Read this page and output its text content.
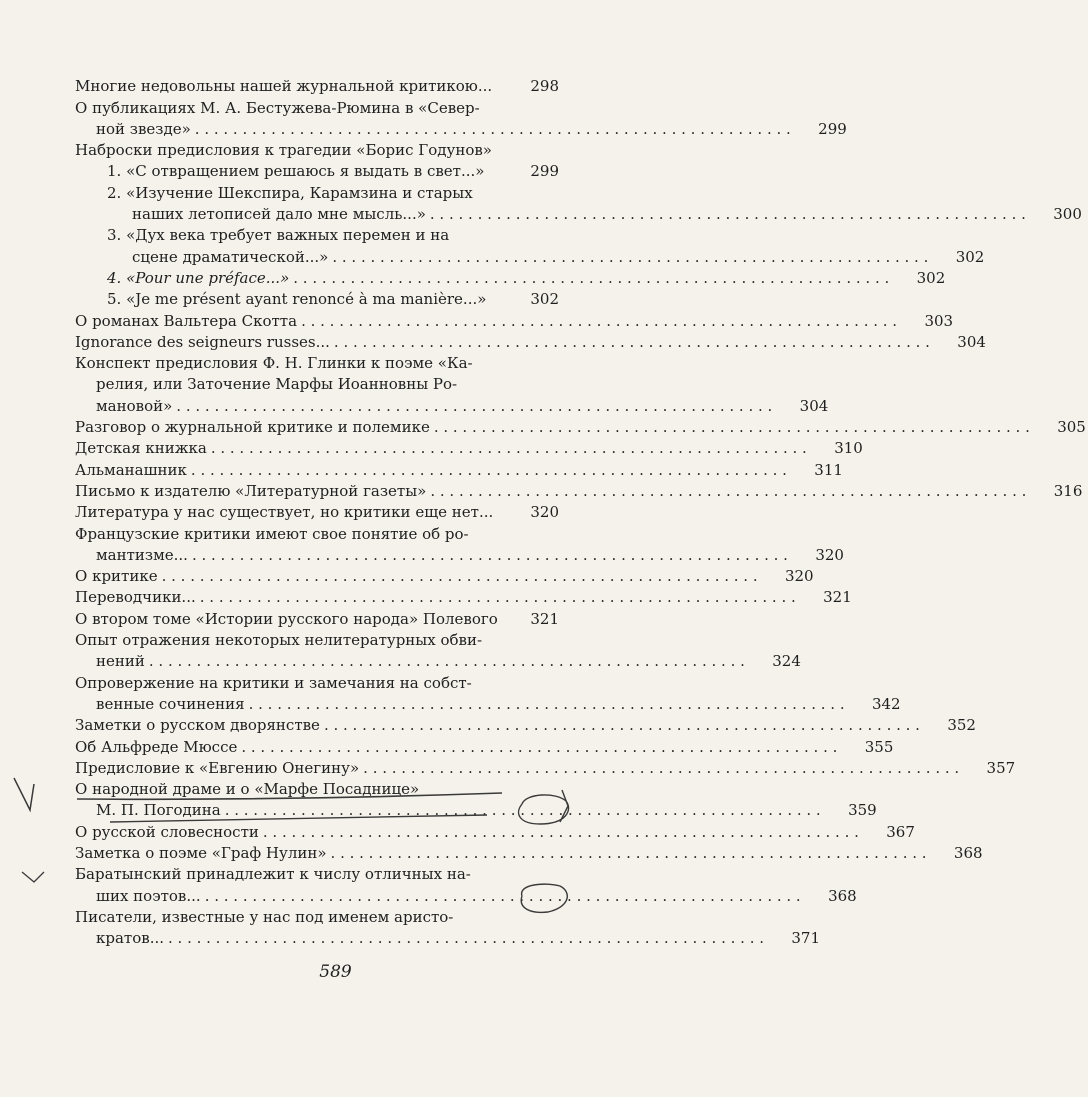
Многие недовольны нашей журнальной критикою...	298
О публикациях М. А. Бестужева-Рюмина в «Север-
ной звезде» . . .	299
Наброски предисловия к трагедии «Борис Годунов»
1. «С отвращением решаюсь я выдать в свет...»	299
2. «Изучение Шекспира, Карамзина и старых
наших летописей дало мне мысль...» . . .	300
3. «Дух века требует важных перемен и на
сцене драматической...» . . .	302
4. «Pour une préface...» . . .	302
5. «Je me présent ayant renoncé à ma manière...»	302
О романах Вальтера Скотта . . .	303
Ignorance des seigneurs russes... . . .	304
Конспект предисловия Ф. Н. Глинки к поэме «Ка-
релия, или Заточение Марфы Иоанновны Ро-
мановой» . . .	304
Разговор о журнальной критике и полемике . . .	305
Детская книжка . . .	310
Альманашник . . .	311
Письмо к издателю «Литературной газеты» . . .	316
Литература у нас существует, но критики еще нет...	320
Французские критики имеют свое понятие об ро-
мантизме... . . .	320
О критике . . .	320
Переводчики... . . .	321
О втором томе «Истории русского народа» Полевого	321
Опыт отражения некоторых нелитературных обви-
нений . . .	324
Опровержение на критики и замечания на собст-
венные сочинения . . .	342
Заметки о русском дворянстве . . .	352
Об Альфреде Мюссе . . .	355
Предисловие к «Евгению Онегину» . . .	357
О народной драме и о «Марфе Посаднице»
М. П. Погодина . . .	359
О русской словесности . . .	367
Заметка о поэме «Граф Нулин» . . .	368
Баратынский принадлежит к числу отличных на-
ших поэтов... . . .	368
Писатели, известные у нас под именем аристо-
кратов... . . .	371
589
